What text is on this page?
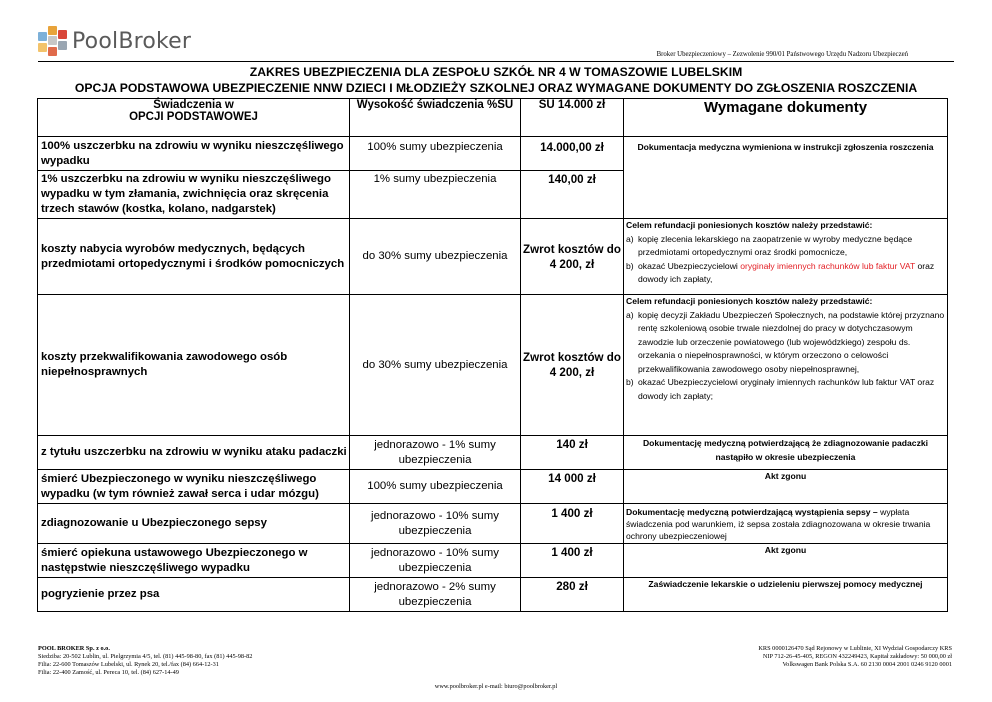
PoolBroker
Broker Ubezpieczeniowy – Zezwolenie 990/01 Państwowego Urzędu Nadzoru Ubezpieczeń
ZAKRES UBEZPIECZENIA DLA ZESPOŁU SZKÓŁ NR 4 W TOMASZOWIE LUBELSKIM
OPCJA PODSTAWOWA UBEZPIECZENIE NNW DZIECI I MŁODZIEŻY SZKOLNEJ ORAZ WYMAGANE DOKUMENTY DO ZGŁOSZENIA ROSZCZENIA
Świadczenia w
OPCJI PODSTAWOWEJ	Wysokość świadczenia %SU	SU 14.000 zł	Wymagane dokumenty
100% uszczerbku na zdrowiu w wyniku nieszczęśliwego wypadku	100% sumy ubezpieczenia	14.000,00 zł	Dokumentacja medyczna wymieniona w instrukcji zgłoszenia roszczenia
1% uszczerbku na zdrowiu w wyniku nieszczęśliwego wypadku w tym złamania, zwichnięcia oraz skręcenia trzech stawów (kostka, kolano, nadgarstek)	1% sumy ubezpieczenia	140,00 zł	
koszty nabycia wyrobów medycznych, będących przedmiotami ortopedycznymi i środków pomocniczych	do 30% sumy ubezpieczenia	Zwrot kosztów do 4 200, zł	Celem refundacji poniesionych kosztów należy przedstawić:
a) kopię zlecenia lekarskiego na zaopatrzenie w wyroby medyczne będące przedmiotami ortopedycznymi oraz środki pomocnicze,
b) okazać Ubezpieczycielowi oryginały imiennych rachunków lub faktur VAT oraz dowody ich zapłaty,

koszty przekwalifikowania zawodowego osób niepełnosprawnych	do 30% sumy ubezpieczenia	Zwrot kosztów do 4 200, zł	Celem refundacji poniesionych kosztów należy przedstawić:
a) kopię decyzji Zakładu Ubezpieczeń Społecznych, na podstawie której przyznano rentę szkoleniową osobie trwale niezdolnej do pracy w dotychczasowym zawodzie lub orzeczenie powiatowego (lub wojewódzkiego) zespołu ds. orzekania o niepełnosprawności, w którym orzeczono o celowości przekwalifikowania zawodowego osoby niepełnosprawnej,
b) okazać Ubezpieczycielowi oryginały imiennych rachunków lub faktur VAT oraz dowody ich zapłaty;

z tytułu uszczerbku na zdrowiu w wyniku ataku padaczki	jednorazowo - 1% sumy ubezpieczenia	140 zł	Dokumentację medyczną potwierdzającą że zdiagnozowanie padaczki nastąpiło w okresie ubezpieczenia
śmierć Ubezpieczonego w wyniku nieszczęśliwego wypadku (w tym również zawał serca i udar mózgu)	100% sumy ubezpieczenia	14 000 zł	Akt zgonu
zdiagnozowanie u Ubezpieczonego sepsy	jednorazowo - 10% sumy ubezpieczenia	1 400 zł	Dokumentację medyczną potwierdzającą wystąpienia sepsy – wypłata świadczenia pod warunkiem, iż sepsa została zdiagnozowana w okresie trwania ochrony ubezpieczeniowej
śmierć opiekuna ustawowego Ubezpieczonego w następstwie nieszczęśliwego wypadku	jednorazowo - 10% sumy ubezpieczenia	1 400 zł	Akt zgonu
pogryzienie przez psa	jednorazowo - 2% sumy ubezpieczenia	280 zł	Zaświadczenie lekarskie o udzieleniu pierwszej pomocy medycznej
POOL BROKER Sp. z o.o.
Siedziba: 20-502 Lublin, ul. Pielgrzymia 4/5, tel. (81) 445-98-80, fax (81) 445-98-82
Filia: 22-600 Tomaszów Lubelski, ul. Rynek 20, tel./fax (84) 664-12-31
Filia: 22-400 Zamość, ul. Pereca 10, tel. (84) 627-14-49
www.poolbroker.pl e-mail: biuro@poolbroker.pl
KRS 0000126470 Sąd Rejonowy w Lublinie, XI Wydział Gospodarczy KRS
NIP 712-26-45-405, REGON 432249423, Kapitał zakładowy: 50 000,00 zł
Volkswagen Bank Polska S.A. 60 2130 0004 2001 0246 9120 0001
